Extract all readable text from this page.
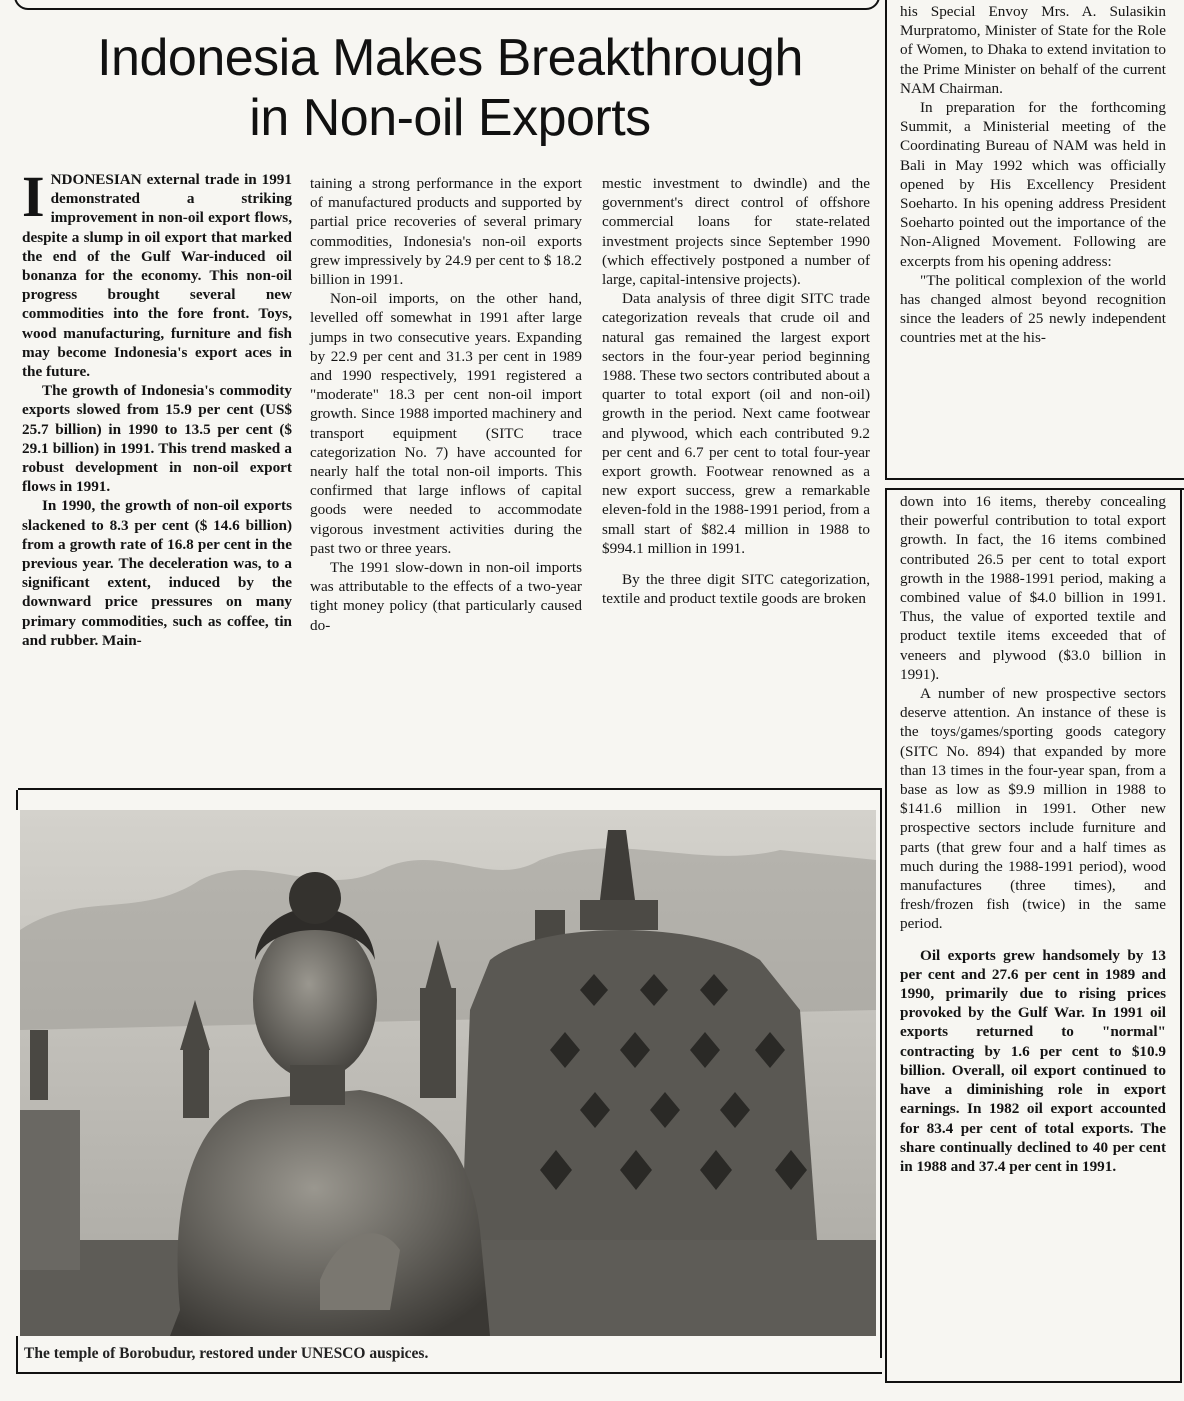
Indonesia Makes Breakthrough
in Non-oil Exports

INDONESIAN external trade in 1991 demonstrated a striking improvement in non-oil export flows, despite a slump in oil export that marked the end of the Gulf War-induced oil bonanza for the economy. This non-oil progress brought several new commodities into the fore front. Toys, wood manufacturing, furniture and fish may become Indonesia's export aces in the future.

The growth of Indonesia's commodity exports slowed from 15.9 per cent (US$ 25.7 billion) in 1990 to 13.5 per cent ($ 29.1 billion) in 1991. This trend masked a robust development in non-oil export flows in 1991.

In 1990, the growth of non-oil exports slackened to 8.3 per cent ($ 14.6 billion) from a growth rate of 16.8 per cent in the previous year. The deceleration was, to a significant extent, induced by the downward price pressures on many primary commodities, such as coffee, tin and rubber. Main-

taining a strong performance in the export of manufactured products and supported by partial price recoveries of several primary commodities, Indonesia's non-oil exports grew impressively by 24.9 per cent to $ 18.2 billion in 1991.

Non-oil imports, on the other hand, levelled off somewhat in 1991 after large jumps in two consecutive years. Expanding by 22.9 per cent and 31.3 per cent in 1989 and 1990 respectively, 1991 registered a "moderate" 18.3 per cent non-oil import growth. Since 1988 imported machinery and transport equipment (SITC trace categorization No. 7) have accounted for nearly half the total non-oil imports. This confirmed that large inflows of capital goods were needed to accommodate vigorous investment activities during the past two or three years.

The 1991 slow-down in non-oil imports was attributable to the effects of a two-year tight money policy (that particularly caused do-

mestic investment to dwindle) and the government's direct control of offshore commercial loans for state-related investment projects since September 1990 (which effectively postponed a number of large, capital-intensive projects).

Data analysis of three digit SITC trade categorization reveals that crude oil and natural gas remained the largest export sectors in the four-year period beginning 1988. These two sectors contributed about a quarter to total export (oil and non-oil) growth in the period. Next came footwear and plywood, which each contributed 9.2 per cent and 6.7 per cent to total four-year export growth. Footwear renowned as a new export success, grew a remarkable eleven-fold in the 1988-1991 period, from a small start of $82.4 million in 1988 to $994.1 million in 1991.

By the three digit SITC categorization, textile and product textile goods are broken

his Special Envoy Mrs. A. Sulasikin Murpratomo, Minister of State for the Role of Women, to Dhaka to extend invitation to the Prime Minister on behalf of the current NAM Chairman.

In preparation for the forthcoming Summit, a Ministerial meeting of the Coordinating Bureau of NAM was held in Bali in May 1992 which was officially opened by His Excellency President Soeharto. In his opening address President Soeharto pointed out the importance of the Non-Aligned Movement. Following are excerpts from his opening address:

"The political complexion of the world has changed almost beyond recognition since the leaders of 25 newly independent countries met at the his-

down into 16 items, thereby concealing their powerful contribution to total export growth. In fact, the 16 items combined contributed 26.5 per cent to total export growth in the 1988-1991 period, making a combined value of $4.0 billion in 1991. Thus, the value of exported textile and product textile items exceeded that of veneers and plywood ($3.0 billion in 1991).

A number of new prospective sectors deserve attention. An instance of these is the toys/games/sporting goods category (SITC No. 894) that expanded by more than 13 times in the four-year span, from a base as low as $9.9 million in 1988 to $141.6 million in 1991. Other new prospective sectors include furniture and parts (that grew four and a half times as much during the 1988-1991 period), wood manufactures (three times), and fresh/frozen fish (twice) in the same period.

Oil exports grew handsomely by 13 per cent and 27.6 per cent in 1989 and 1990, primarily due to rising prices provoked by the Gulf War. In 1991 oil exports returned to "normal" contracting by 1.6 per cent to $10.9 billion. Overall, oil export continued to have a diminishing role in export earnings. In 1982 oil export accounted for 83.4 per cent of total exports. The share continually declined to 40 per cent in 1988 and 37.4 per cent in 1991.

The temple of Borobudur, restored under UNESCO auspices.
